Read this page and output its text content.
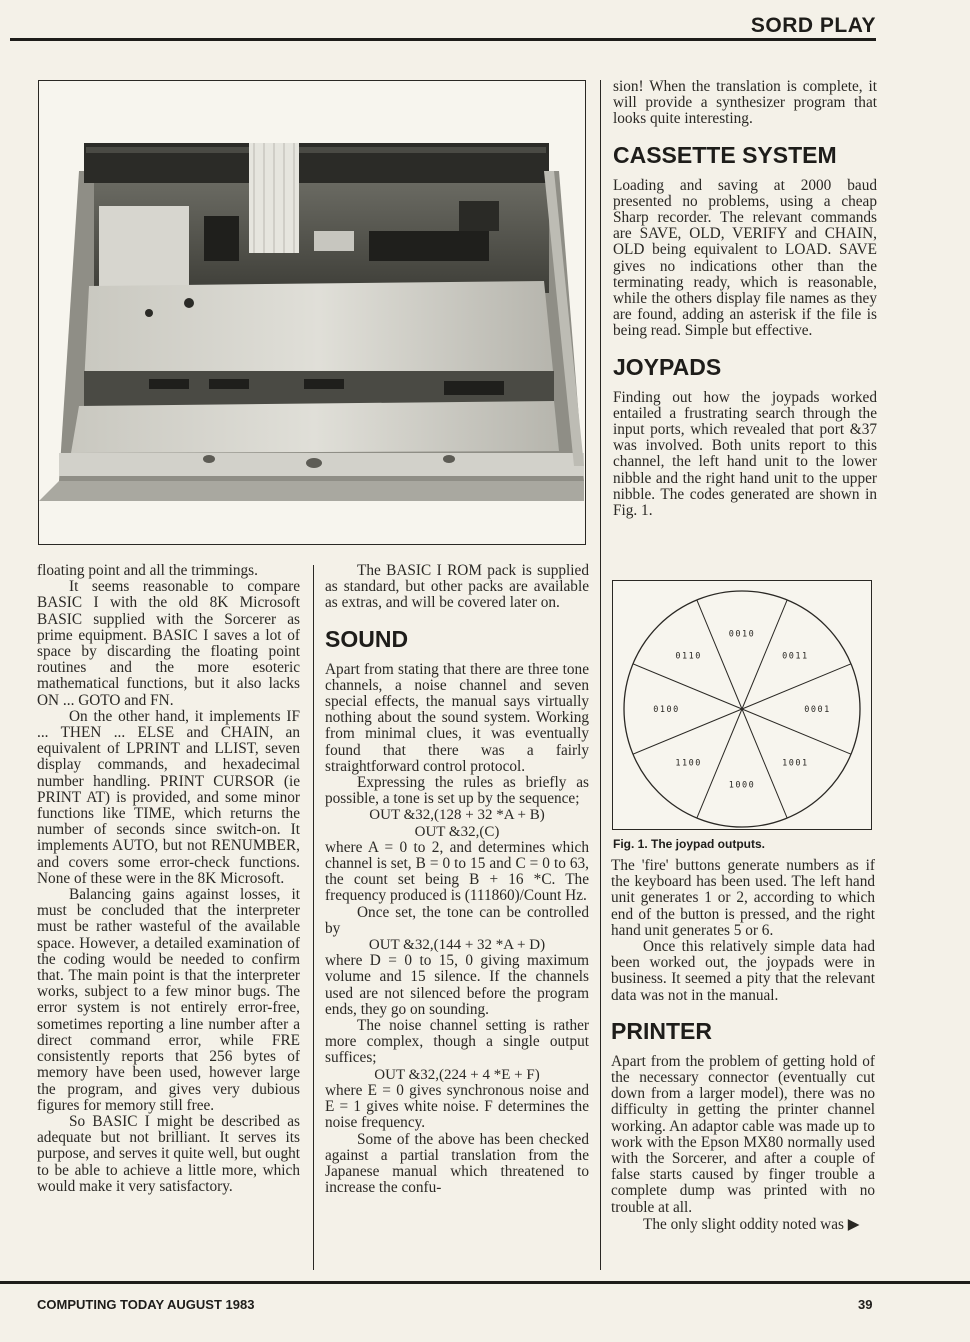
SORD PLAY

floating point and all the trimmings.

It seems reasonable to compare BASIC I with the old 8K Microsoft BASIC supplied with the Sorcerer as prime equipment. BASIC I saves a lot of space by discarding the floating point routines and the more esoteric mathematical functions, but it also lacks ON ... GOTO and FN.

On the other hand, it implements IF ... THEN ... ELSE and CHAIN, an equivalent of LPRINT and LLIST, seven display commands, and hexadecimal number handling. PRINT CURSOR (ie PRINT AT) is provided, and some minor functions like TIME, which returns the number of seconds since switch-on. It implements AUTO, but not RENUMBER, and covers some error-check functions. None of these were in the 8K Microsoft.

Balancing gains against losses, it must be concluded that the interpreter must be rather wasteful of the available space. However, a detailed examination of the coding would be needed to confirm that. The main point is that the interpreter works, subject to a few minor bugs. The error system is not entirely error-free, sometimes reporting a line number after a direct command error, while FRE consistently reports that 256 bytes of memory have been used, however large the program, and gives very dubious figures for memory still free.

So BASIC I might be described as adequate but not brilliant. It serves its purpose, and serves it quite well, but ought to be able to achieve a little more, which would make it very satisfactory.

The BASIC I ROM pack is supplied as standard, but other packs are available as extras, and will be covered later on.

SOUND

Apart from stating that there are three tone channels, a noise channel and seven special effects, the manual says virtually nothing about the sound system. Working from minimal clues, it was eventually found that there was a fairly straightforward control protocol.

Expressing the rules as briefly as possible, a tone is set up by the sequence;

OUT &32,(128 + 32 *A + B)

OUT &32,(C)

where A = 0 to 2, and determines which channel is set, B = 0 to 15 and C = 0 to 63, the count set being B + 16 *C. The frequency produced is (111860)/Count Hz.

Once set, the tone can be controlled by

OUT &32,(144 + 32 *A + D)

where D = 0 to 15, 0 giving maximum volume and 15 silence. If the channels used are not silenced before the program ends, they go on sounding.

The noise channel setting is rather more complex, though a single output suffices;

OUT &32,(224 + 4 *E + F)

where E = 0 gives synchronous noise and E = 1 gives white noise. F determines the noise frequency.

Some of the above has been checked against a partial translation from the Japanese manual which threatened to increase the confu-

sion! When the translation is complete, it will provide a synthesizer program that looks quite interesting.

CASSETTE SYSTEM

Loading and saving at 2000 baud presented no problems, using a cheap Sharp recorder. The relevant commands are SAVE, OLD, VERIFY and CHAIN, OLD being equivalent to LOAD. SAVE gives no indications other than the terminating ready, which is reasonable, while the others display file names as they are found, adding an asterisk if the file is being read. Simple but effective.

JOYPADS

Finding out how the joypads worked entailed a frustrating search through the input ports, which revealed that port &37 was involved. Both units report to this channel, the left hand unit to the lower nibble and the right hand unit to the upper nibble. The codes generated are shown in Fig. 1.

0010
0011
0001
1001
1000
1100
0100
0110
Fig. 1. The joypad outputs.

The 'fire' buttons generate numbers as if the keyboard has been used. The left hand unit generates 1 or 2, according to which end of the button is pressed, and the right hand unit generates 5 or 6.

Once this relatively simple data had been worked out, the joypads were in business. It seemed a pity that the relevant data was not in the manual.

PRINTER

Apart from the problem of getting hold of the necessary connector (eventually cut down from a larger model), there was no difficulty in getting the printer channel working. An adaptor cable was made up to work with the Epson MX80 normally used with the Sorcerer, and after a couple of false starts caused by finger trouble a complete dump was printed with no trouble at all.

The only slight oddity noted was ▶

COMPUTING TODAY AUGUST 1983	39
